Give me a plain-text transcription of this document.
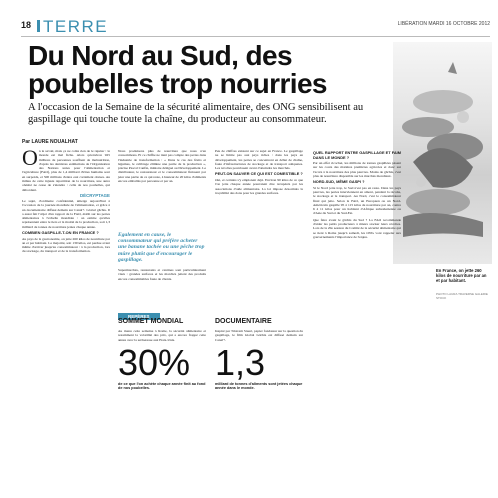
18 TERRE	LIBÉRATION MARDI 16 OCTOBRE 2012
Du Nord au Sud, des poubelles trop nourries

A l'occasion de la Semaine de la sécurité alimentaire, des ONG sensibilisent au gaspillage qui touche toute la chaîne, du producteur au consommateur.

En France, on jette 260 kilos de nourriture par an et par habitant.
PHOTO LAURA TRAVERSE GALERIE STOCK
Par LAURE NOUALHAT
O n le savait, mais ça ne coûte rien de le répéter : le monde est mal fichu. Alors qu'environ 925 millions de personnes souffrent de malnutrition, d'après les dernières estimations de l'Organisation des Nations unies pour l'alimentation et l'agriculture (FAO), plus de 1,4 milliard d'êtres humains sont en surpoids, et 500 millions d'entre eux carrément obèses. Au milieu de cette injuste répartition de la nourriture, une autre obésité ne cesse de s'étendre : celle de nos poubelles, qui débordent.
DÉCRYPTAGE
Le sujet, d'ordinaire confidentiel, émerge aujourd'hui à l'occasion de la journée mondiale de l'alimentation, et grâce à un documentaire diffusé demain sur Canal+. Global gâchis. Il a aussi fait l'objet d'un rapport de la FAO, établi sur les pertes alimentaires à l'échelle mondiale : on estime qu'elles représentent entre le tiers et la moitié de la production, soit 1,3 milliard de tonnes de nourriture jetées chaque année.
COMBIEN GASPILLE-T-ON EN FRANCE ?
Au pays de la gastronomie, on jette 260 kilos de nourriture par an et par habitant. La majorité, soit 130 kilos, est perdue avant même d'arriver jusqu'au consommateur : à la production, lors du stockage, du transport et de la transformation.
Nous produisons plus de nourriture que nous n'en consommons. Et ce chiffre ne tient pas compte des pertes dans l'industrie de transformation : « Dans le cas des fruits et légumes, le calibrage élimine une partie de la production », précise Pascal Canfin, ministre délégué au Développement. Le distributeur, le restaurateur et le consommateur finissent par jeter une partie de ce qui reste, à hauteur de 20 kilos d'aliments encore emballés par personne et par an.

Egalement en cause, le consommateur qui préfère acheter une banane tachée ou une pêche trop mûre plutôt que d'encourager le gaspillage.

Supermarchés, restaurants et cantines sont particulièrement visés : grandes surfaces et les marchés jettent des produits encore consommables faute de clients.
Peu de chiffres existent sur ce sujet en France. Le gaspillage ne se limite pas aux pays riches : dans les pays en développement, les pertes se concentrent en début de chaîne, faute d'infrastructures de stockage et de transport adéquates. Les récoltes pourrissent avant d'atteindre les marchés.
PEUT-ON SAUVER CE QUI EST COMESTIBLE ?
Oui, et certains s'y emploient déjà. Environ 90 kilos de ce que l'on jette chaque année pourraient être récupérés par les associations d'aide alimentaire. La loi impose désormais la traçabilité des dons pour les grandes surfaces.
QUEL RAPPORT ENTRE GASPILLAGE ET FAIM DANS LE MONDE ?
Par un effet ricochet, les millions de tonnes gaspillées pèsent sur les cours des matières premières agricoles et donc sur l'accès à la nourriture des plus pauvres. Moins de gâchis, c'est plus de nourriture disponible sur les marchés mondiaux.
NORD-SUD, MÊME GASPI ?
Si le Nord jette trop, le Sud n'est pas en reste. Dans les pays pauvres, les pertes interviennent en amont, pendant la récolte, le stockage et le transport. Au Nord, c'est le consommateur final qui jette. Selon la FAO, un Européen ou un Nord-Américain gaspille 95 à 115 kilos de nourriture par an, contre 6 à 11 kilos pour un habitant d'Afrique subsaharienne ou d'Asie du Sud et du Sud-Est.
Que faire avant le gâchis du Sud ? La FAO recommande d'aider les petits producteurs à mieux stocker leurs récoltes. Lors de la 20e session du Comité de la sécurité alimentaire qui se tient à Rome jusqu'à samedi, les ONG vont rappeler aux gouvernements l'importance de l'enjeu.
REPÈRES
SOMMET MONDIAL
Au menu cette semaine à Rome, la sécurité alimentaire et notamment la volatilité des prix, qui a encore frappé cette année avec la sécheresse aux Etats-Unis.
30%
de ce que l'on achète chaque année finit au fond de nos poubelles.
DOCUMENTAIRE
Inspiré par Tristram Stuart, papier fondateur sur la question du gaspillage, le film Global Gâchis est diffusé demain sur Canal+.
1,3
milliard de tonnes d'aliments sont jetées chaque année dans le monde.
